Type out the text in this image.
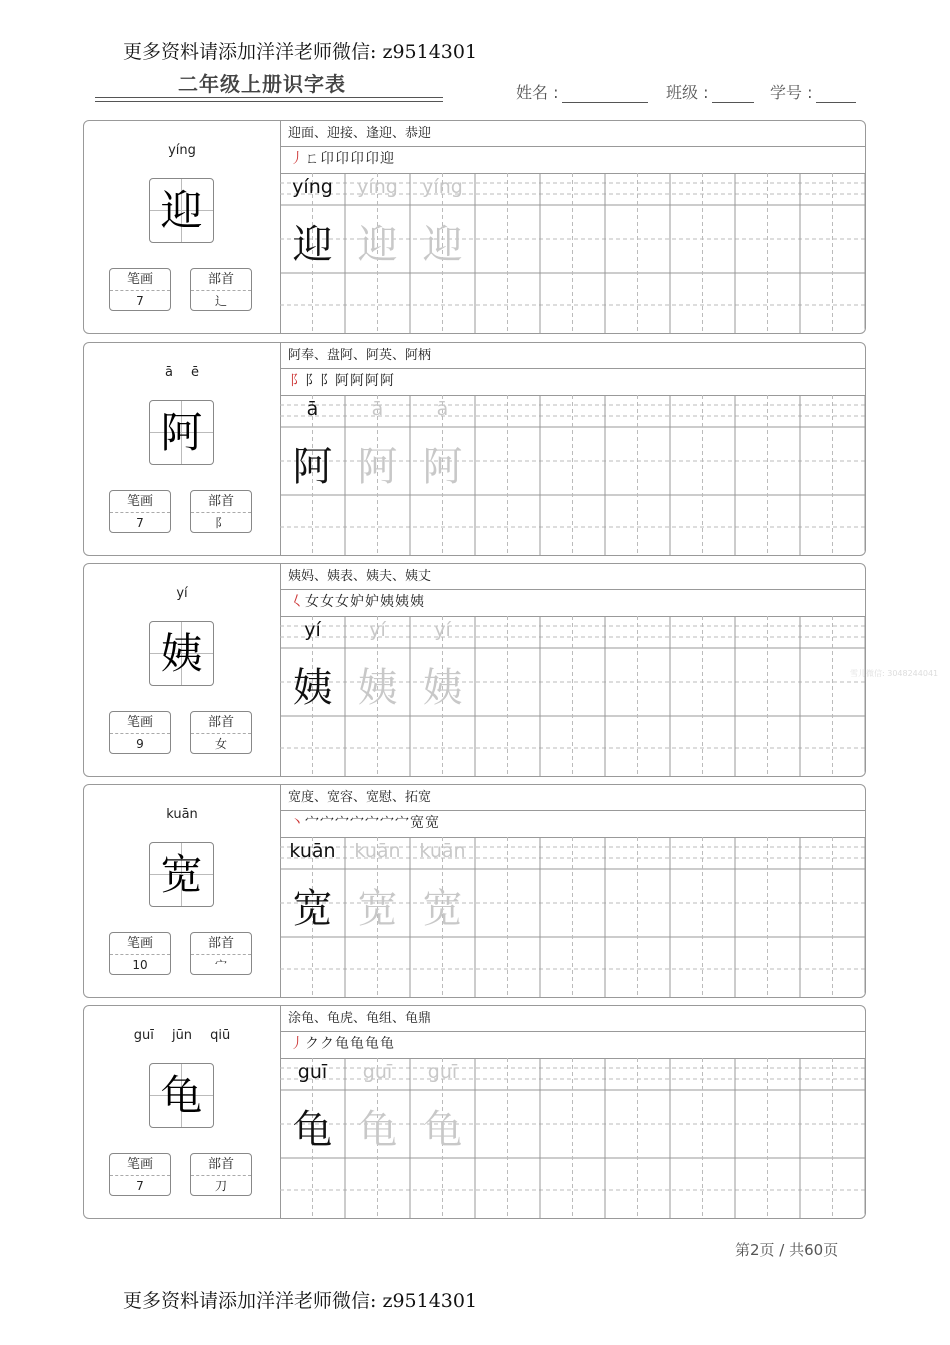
更多资料请添加洋洋老师微信: z9514301
二年级上册识字表	姓名 :	班级 :	学号 :
雪儿微信: 3048244041
yíng
迎
笔画
7
部首
辶
迎面、迎接、逢迎、恭迎
丿ㄈ卬卬卬卬迎
yíng
迎
yíng
迎
yíng
迎
ā ē
阿
笔画
7
部首
阝
阿奉、盘阿、阿英、阿柄
阝阝阝阿阿阿阿
ā
阿
ā
阿
ā
阿
yí
姨
笔画
9
部首
女
姨妈、姨表、姨夫、姨丈
𡿨女女女妒妒姨姨姨
yí
姨
yí
姨
yí
姨
kuān
宽
笔画
10
部首
宀
宽度、宽容、宽慰、拓宽
丶宀宀宀宀宀宀宀宽宽
kuān
宽
kuān
宽
kuān
宽
guī jūn qiū
龟
笔画
7
部首
刀
涂龟、龟虎、龟组、龟鼎
丿クク龟龟龟龟
guī
龟
guī
龟
guī
龟
第2页 / 共60页
更多资料请添加洋洋老师微信: z9514301
